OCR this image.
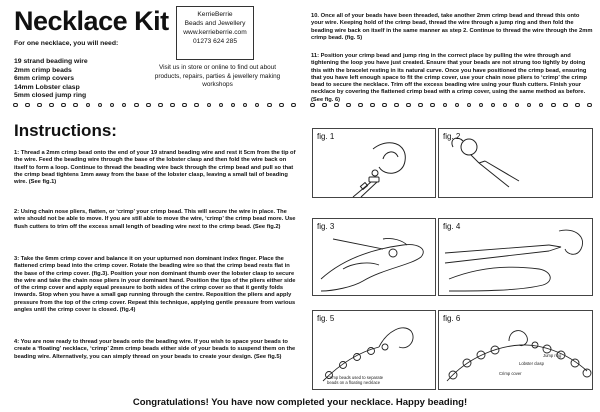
Necklace Kit
For one necklace, you will need:
19 strand beading wire
2mm crimp beads
6mm crimp covers
14mm Lobster clasp
5mm closed jump ring
KerrieBerrie
Beads and Jewellery
www.kerrieberrie.com
01273 624 285
Visit us in store or online to find out about products, repairs, parties & jewellery making workshops
Instructions:

1: Thread a 2mm crimp bead onto the end of your 19 strand beading wire and rest it 5cm from the tip of the wire. Feed the beading wire through the base of the lobster clasp and then fold the wire back on itself to form a loop. Continue to thread the beading wire back through the crimp bead and pull so that the crimp bead tightens 1mm away from the base of the lobster clasp, leaving a small tail of beading wire. (See fig.1)

2: Using chain nose pliers, flatten, or ‘crimp’ your crimp bead. This will secure the wire in place. The wire should not be able to move. If you are still able to move the wire, ‘crimp’ the crimp bead more. Use flush cutters to trim off the excess small length of beading wire next to the crimp bead. (See fig.2)

3: Take the 6mm crimp cover and balance it on your upturned non dominant index finger. Place the flattened crimp bead into the crimp cover. Rotate the beading wire so that the crimp bead rests flat in the base of the crimp cover. (fig.3). Position your non dominant thumb over the lobster clasp to secure the wire and take the chain nose pliers in your dominant hand. Position the tips of the pliers either side of the crimp cover and apply equal pressure to both sides of the crimp cover so that it gently folds inwards. Stop when you have a small gap running through the centre. Reposition the pliers and apply pressure from the top of the crimp cover. Repeat this technique, applying gentle pressure from various angles until the crimp cover is closed. (fig.4)

4: You are now ready to thread your beads onto the beading wire. If you wish to space your beads to create a ‘floating’ necklace, ‘crimp’ 2mm crimp beads either side of your beads to suspend them on the beading wire. Alternatively, you can simply thread on your beads to create your design. (See fig.5)

10. Once all of your beads have been threaded, take another 2mm crimp bead and thread this onto your wire. Keeping hold of the crimp bead, thread the wire through a jump ring and then fold the beading wire back on itself in the same manner as step 2. Continue to thread the wire through the 2mm crimp bead. (fig. 5)

11: Position your crimp bead and jump ring in the correct place by pulling the wire through and tightening the loop you have just created. Ensure that your beads are not strung too tightly by doing this with the bracelet resting in its natural curve. Once you have positioned the crimp bead, ensuring that you have left enough space to fit the crimp cover, use your chain nose pliers to ‘crimp’ the crimp bead to secure the necklace. Trim off the excess beading wire using your flush cutters. Finish your necklace by covering the flattened crimp bead with a crimp cover, using the same method as before. (See fig. 6)

fig. 1	fig. 2
fig. 3	fig. 4
fig. 5
Crimp beads used to separate beads on a floating necklace
fig. 6
Lobster clasp
Jump ring
Crimp cover
Congratulations! You have now completed your necklace. Happy beading!
